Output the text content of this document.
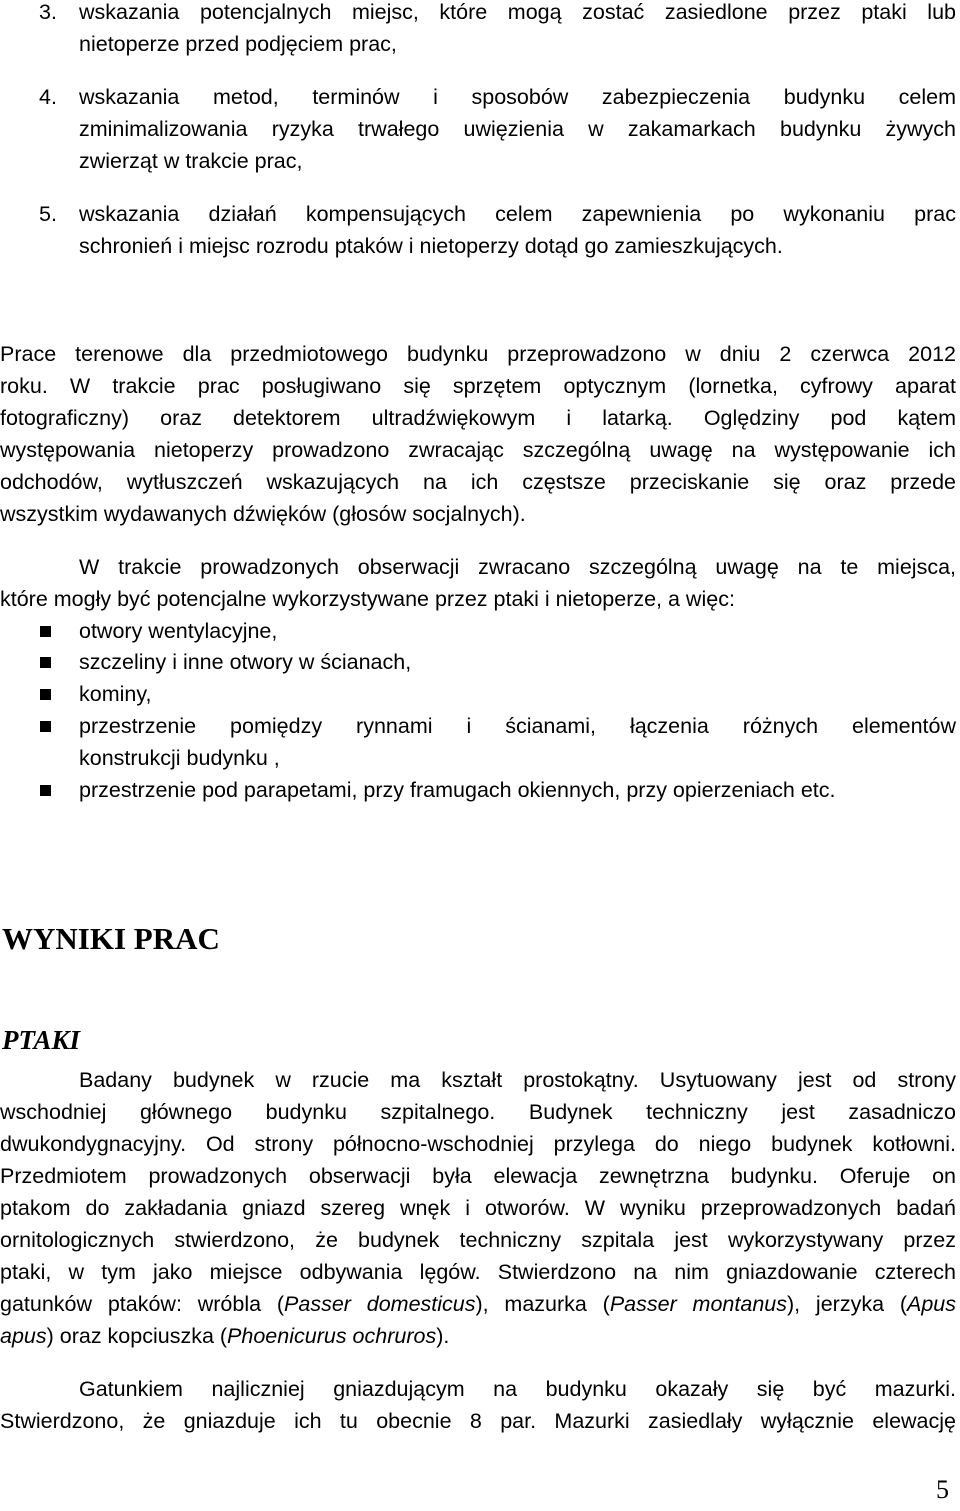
3. wskazania potencjalnych miejsc, które mogą zostać zasiedlone przez ptaki lub

nietoperze przed podjęciem prac,

4. wskazania metod, terminów i sposobów zabezpieczenia budynku celem

zminimalizowania ryzyka trwałego uwięzienia w zakamarkach budynku żywych

zwierząt w trakcie prac,

5. wskazania działań kompensujących celem zapewnienia po wykonaniu prac

schronień i miejsc rozrodu ptaków i nietoperzy dotąd go zamieszkujących.

Prace terenowe dla przedmiotowego budynku przeprowadzono w dniu 2 czerwca 2012

roku. W trakcie prac posługiwano się sprzętem optycznym (lornetka, cyfrowy aparat

fotograficzny) oraz detektorem ultradźwiękowym i latarką. Oględziny pod kątem

występowania nietoperzy prowadzono zwracając szczególną uwagę na występowanie ich

odchodów, wytłuszczeń wskazujących na ich częstsze przeciskanie się oraz przede

wszystkim wydawanych dźwięków (głosów socjalnych).

W trakcie prowadzonych obserwacji zwracano szczególną uwagę na te miejsca,

które mogły być potencjalne wykorzystywane przez ptaki i nietoperze, a więc:

otwory wentylacyjne,

szczeliny i inne otwory w ścianach,

kominy,

przestrzenie pomiędzy rynnami i ścianami, łączenia różnych elementów

konstrukcji budynku ,

przestrzenie pod parapetami, przy framugach okiennych, przy opierzeniach etc.

WYNIKI PRAC
PTAKI

Badany budynek w rzucie ma kształt prostokątny. Usytuowany jest od strony

wschodniej głównego budynku szpitalnego. Budynek techniczny jest zasadniczo

dwukondygnacyjny. Od strony północno-wschodniej przylega do niego budynek kotłowni.

Przedmiotem prowadzonych obserwacji była elewacja zewnętrzna budynku. Oferuje on

ptakom do zakładania gniazd szereg wnęk i otworów. W wyniku przeprowadzonych badań

ornitologicznych stwierdzono, że budynek techniczny szpitala jest wykorzystywany przez

ptaki, w tym jako miejsce odbywania lęgów. Stwierdzono na nim gniazdowanie czterech

gatunków ptaków: wróbla (Passer domesticus), mazurka (Passer montanus), jerzyka (Apus

apus) oraz kopciuszka (Phoenicurus ochruros).

Gatunkiem najliczniej gniazdującym na budynku okazały się być mazurki.

Stwierdzono, że gniazduje ich tu obecnie 8 par. Mazurki zasiedlały wyłącznie elewację

5
